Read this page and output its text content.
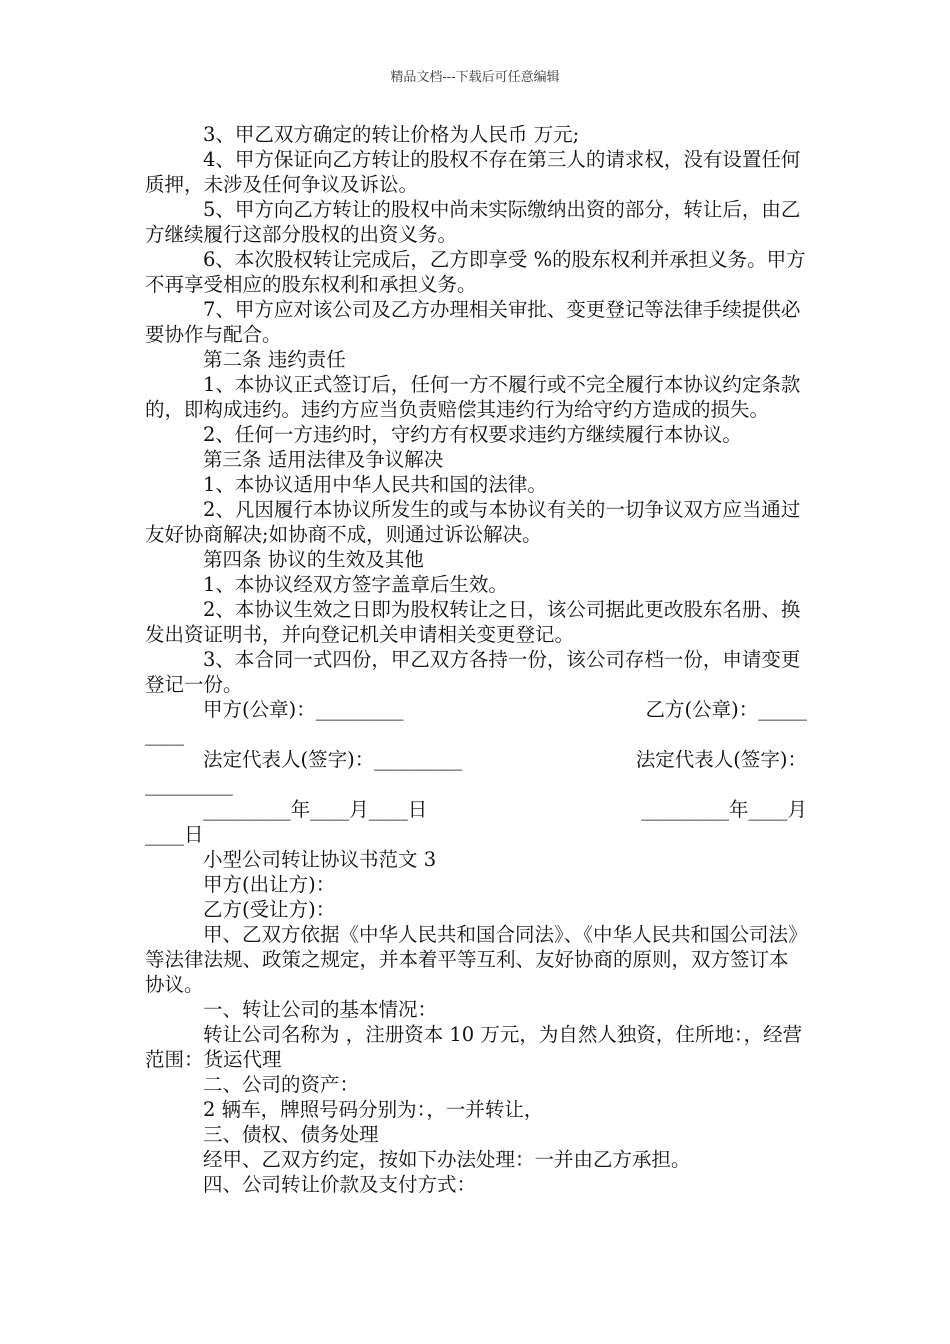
精品文档---下载后可任意编辑

3、甲乙双方确定的转让价格为人民币 万元;

4、甲方保证向乙方转让的股权不存在第三人的请求权，没有设置任何质押，未涉及任何争议及诉讼。

5、甲方向乙方转让的股权中尚未实际缴纳出资的部分，转让后，由乙方继续履行这部分股权的出资义务。

6、本次股权转让完成后，乙方即享受 %的股东权利并承担义务。甲方不再享受相应的股东权利和承担义务。

7、甲方应对该公司及乙方办理相关审批、变更登记等法律手续提供必要协作与配合。

第二条 违约责任

1、本协议正式签订后，任何一方不履行或不完全履行本协议约定条款的，即构成违约。违约方应当负责赔偿其违约行为给守约方造成的损失。

2、任何一方违约时，守约方有权要求违约方继续履行本协议。

第三条 适用法律及争议解决

1、本协议适用中华人民共和国的法律。

2、凡因履行本协议所发生的或与本协议有关的一切争议双方应当通过友好协商解决;如协商不成，则通过诉讼解决。

第四条 协议的生效及其他

1、本协议经双方签字盖章后生效。

2、本协议生效之日即为股权转让之日，该公司据此更改股东名册、换发出资证明书，并向登记机关申请相关变更登记。

3、本合同一式四份，甲乙双方各持一份，该公司存档一份，申请变更登记一份。

甲方(公章)：_________	乙方(公章)：_____

____

法定代表人(签字)：_________	法定代表人(签字)：

_________

_________年____月____日	_________年____月

____日

小型公司转让协议书范文 3

甲方(出让方)：

乙方(受让方)：

甲、乙双方依据《中华人民共和国合同法》、《中华人民共和国公司法》等法律法规、政策之规定，并本着平等互利、友好协商的原则，双方签订本协议。

一、转让公司的基本情况：

转让公司名称为 ，注册资本 10 万元，为自然人独资，住所地：，经营范围：货运代理

二、公司的资产：

2 辆车，牌照号码分别为：，一并转让，

三、债权、债务处理

经甲、乙双方约定，按如下办法处理：一并由乙方承担。

四、公司转让价款及支付方式：
